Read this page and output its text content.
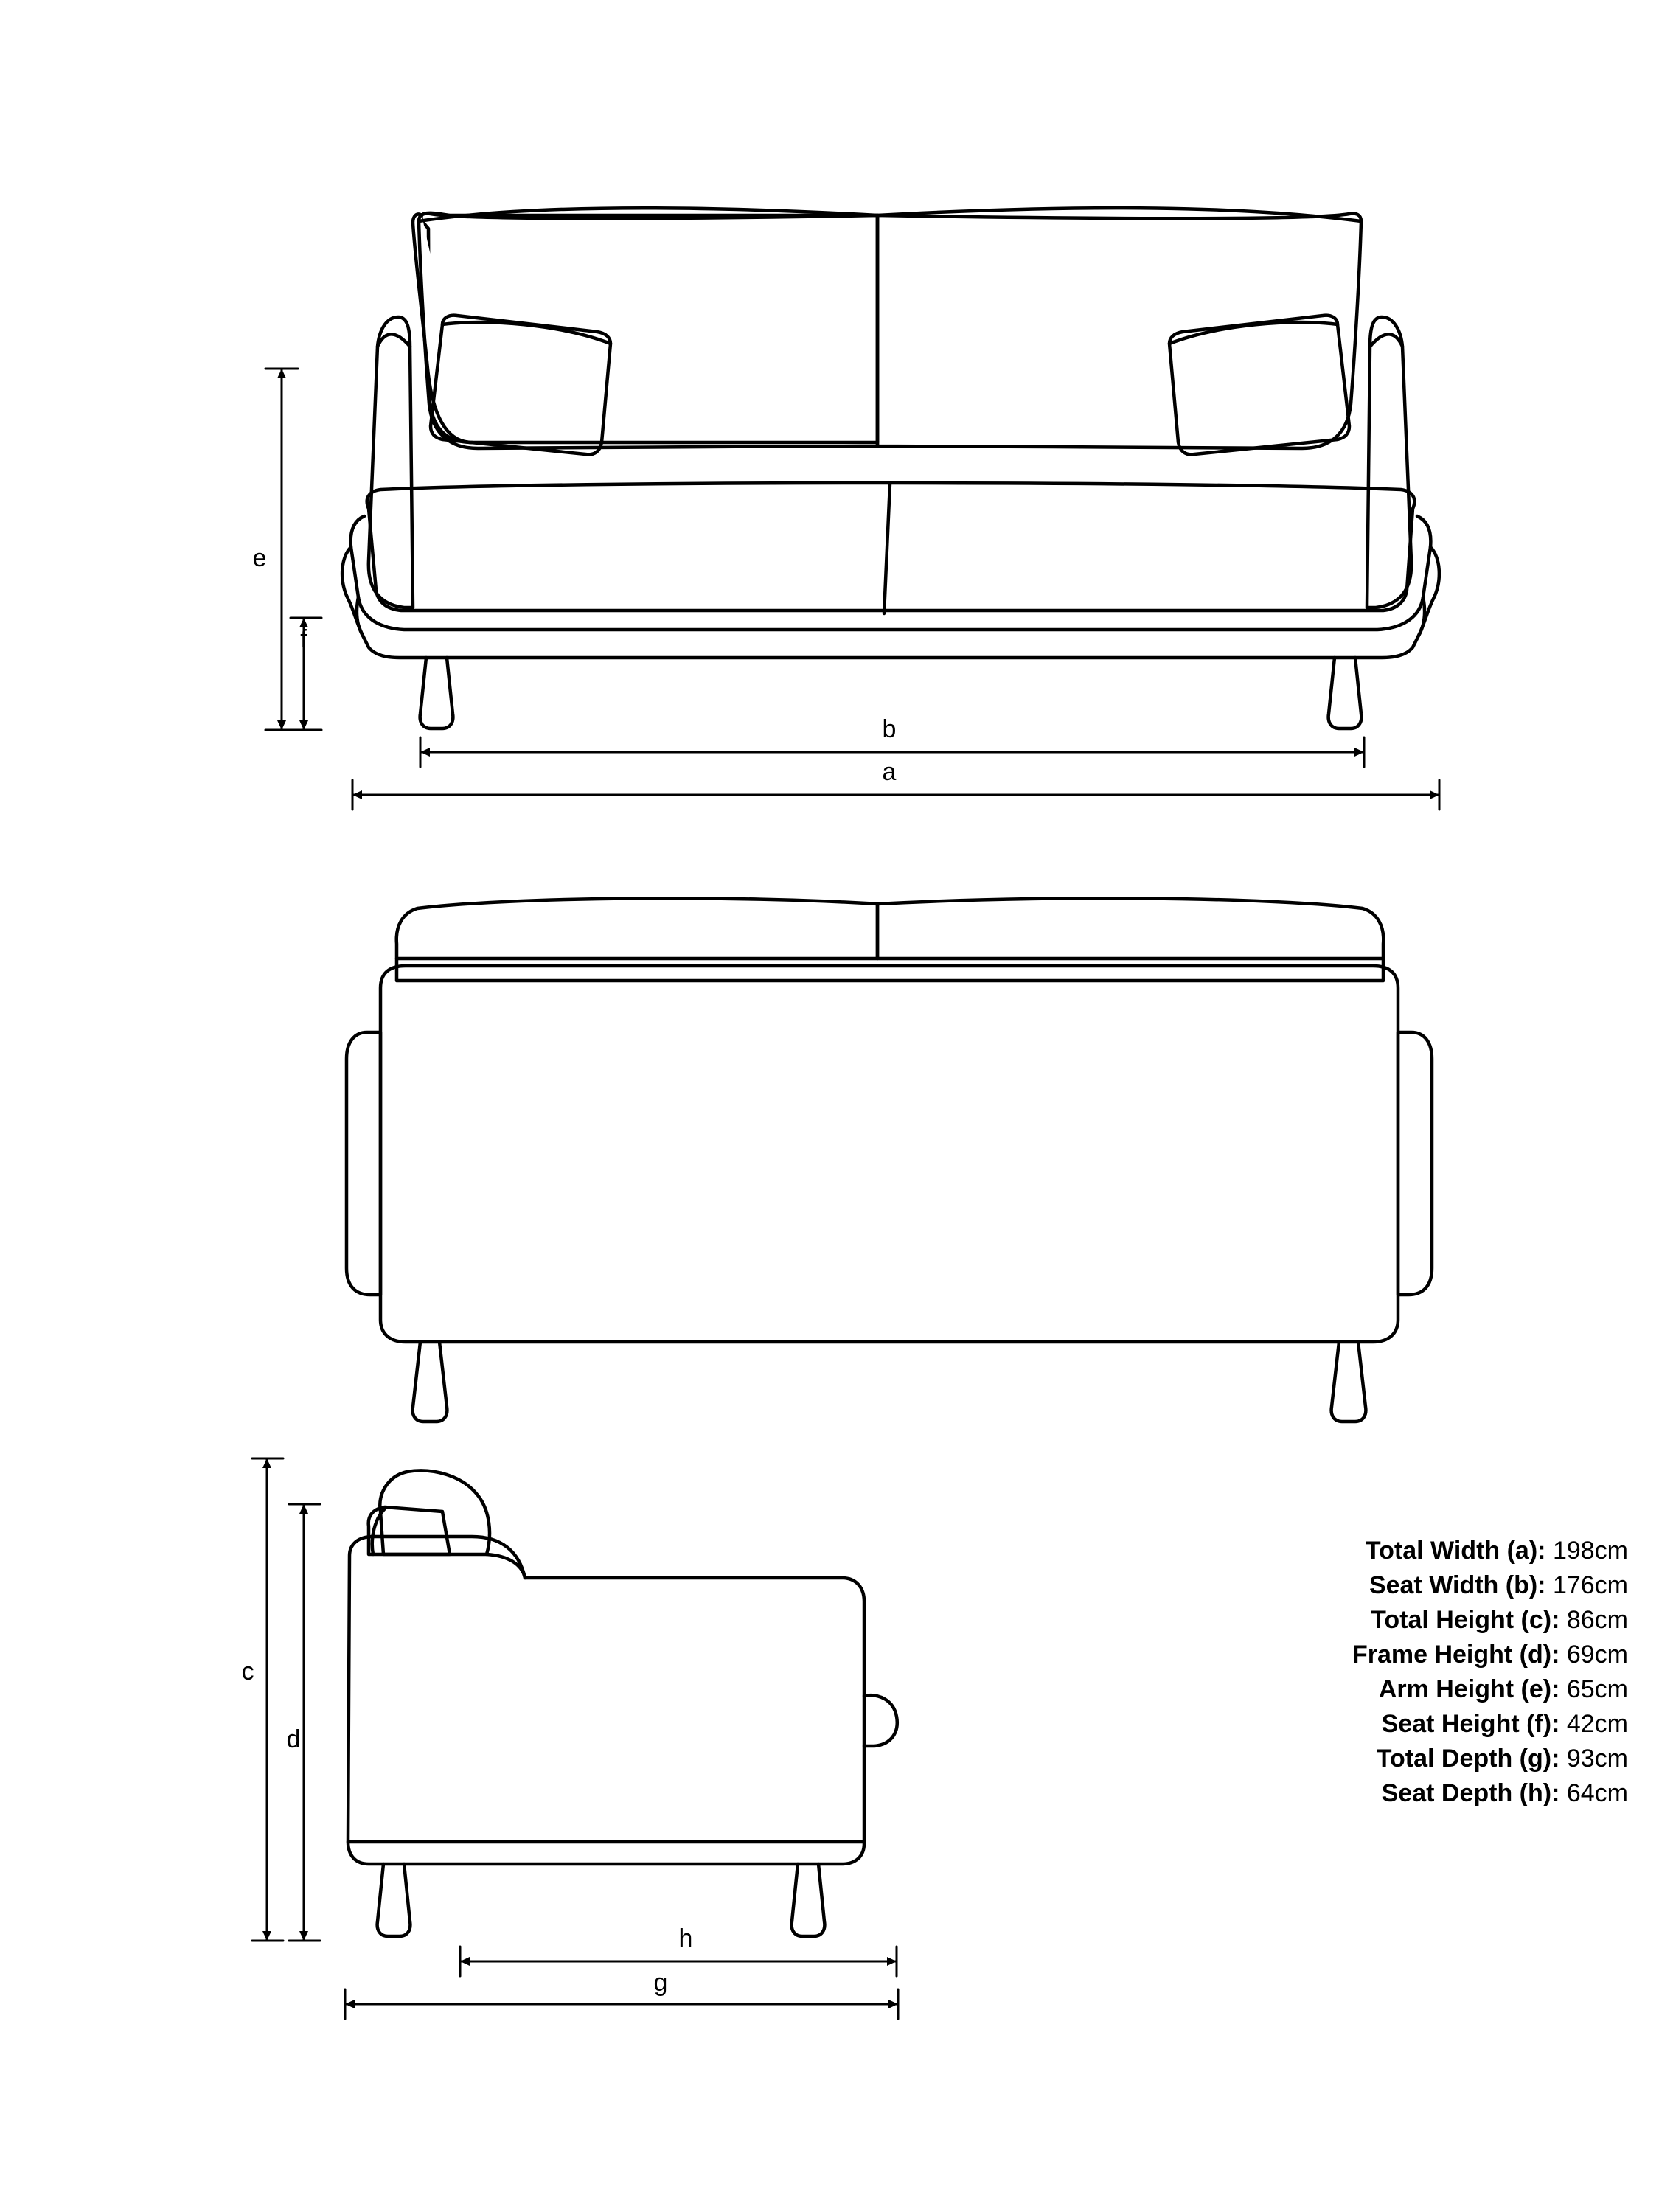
e
f
b
a
c
d
h
g
Total Width (a): 198cm
Seat Width (b): 176cm
Total Height (c): 86cm
Frame Height (d): 69cm
Arm Height (e): 65cm
Seat Height (f): 42cm
Total Depth (g): 93cm
Seat Depth (h): 64cm
